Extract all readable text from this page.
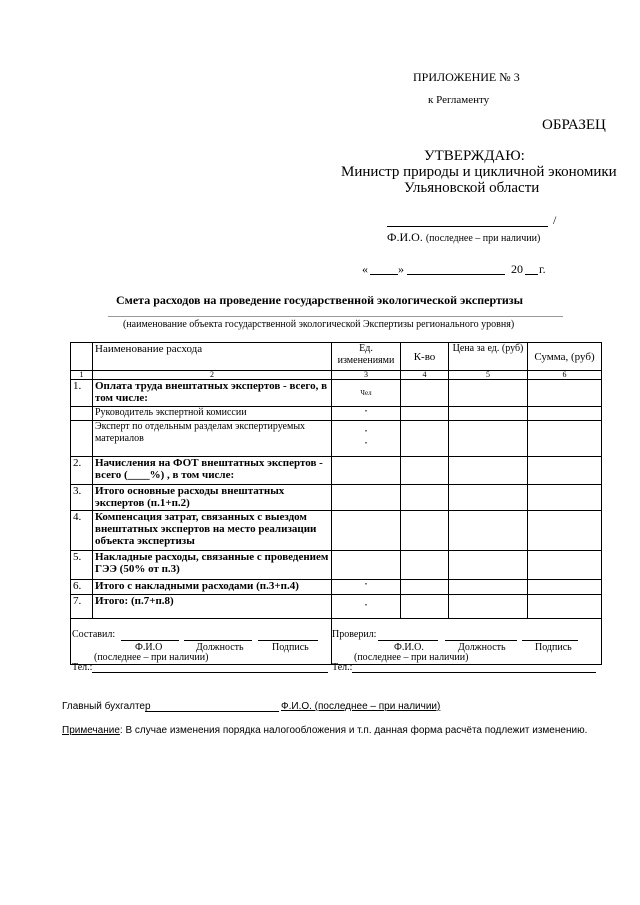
ПРИЛОЖЕНИЕ № 3
к Регламенту
ОБРАЗЕЦ
УТВЕРЖДАЮ:
Министр природы и цикличной экономики
Ульяновской области
/
Ф.И.О. (последнее – при наличии)
«	»	20 г.
Смета расходов на проведение государственной экологической экспертизы
(наименование объекта государственной экологической Экспертизы регионального уровня)
	Наименование расхода	Ед. изменениями	К-во	Цена за ед. (руб)	Сумма, (руб)
1	2	3	4	5	6
1.	Оплата труда внештатных экспертов - всего, в том числе:	Чел			

	Руководитель экспертной комиссии	"			

	Эксперт по отдельным разделам экспертируемых материалов	"
"			

2.	Начисления на ФОТ внештатных экспертов - всего (____%) , в том числе:				
3.	Итого основные расходы внештатных экспертов (п.1+п.2)				
4.	Компенсация затрат, связанных с выездом внештатных экспертов на место реализации объекта экспертизы				
5.	Накладные расходы, связанные с проведением ГЭЭ (50% от п.3)				
6.	Итого с накладными расходами (п.3+п.4)	"			

7.	Итого: (п.7+п.8)	"			

Составил:
Ф.И.О	Должность	Подпись
(последнее – при наличии)
Тел.:
Проверил:
Ф.И.О.	Должность	Подпись
(последнее – при наличии)
Тел.:
Главный бухгалтер	Ф.И.О. (последнее – при наличии)
Примечание: В случае изменения порядка налогообложения и т.п. данная форма расчёта подлежит изменению.
